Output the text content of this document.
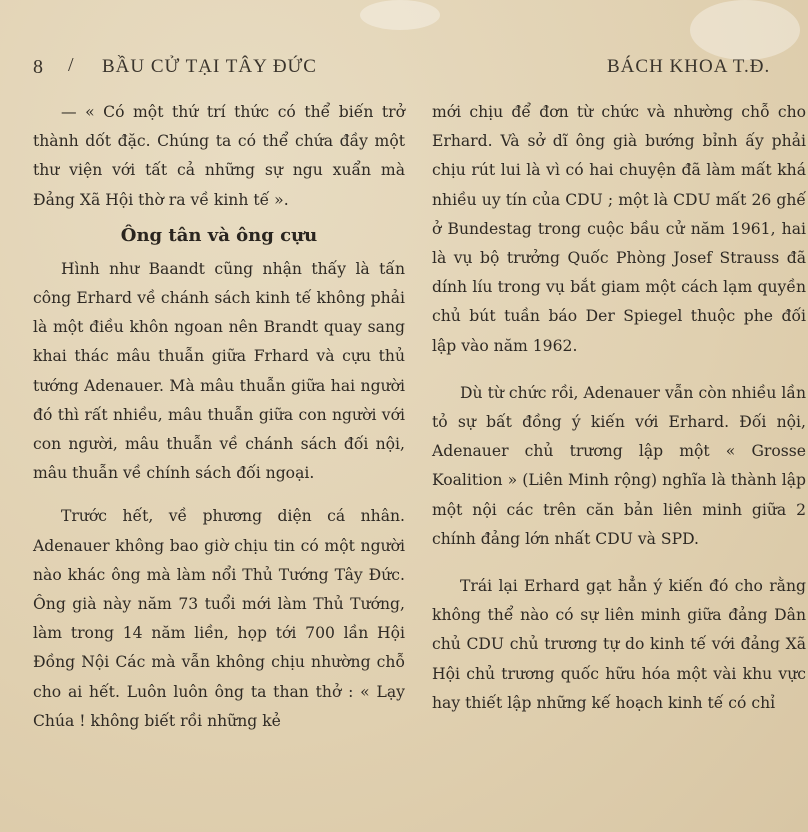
8 / BẦU CỬ TẠI TÂY ĐỨC	BÁCH KHOA T.Đ.

— « Có một thứ trí thức có thể biến trở thành dốt đặc. Chúng ta có thể chứa đầy một thư viện với tất cả những sự ngu xuẩn mà Đảng Xã Hội thờ ra về kinh tế ».

Ông tân và ông cựu

Hình như Baandt cũng nhận thấy là tấn công Erhard về chánh sách kinh tế không phải là một điều khôn ngoan nên Brandt quay sang khai thác mâu thuẫn giữa Frhard và cựu thủ tướng Adenauer. Mà mâu thuẫn giữa hai người đó thì rất nhiều, mâu thuẫn giữa con người với con người, mâu thuẫn về chánh sách đối nội, mâu thuẫn về chính sách đối ngoại.

Trước hết, về phương diện cá nhân. Adenauer không bao giờ chịu tin có một người nào khác ông mà làm nổi Thủ Tướng Tây Đức. Ông già này năm 73 tuổi mới làm Thủ Tướng, làm trong 14 năm liền, họp tới 700 lần Hội Đồng Nội Các mà vẫn không chịu nhường chỗ cho ai hết. Luôn luôn ông ta than thở : « Lạy Chúa ! không biết rồi những kẻ

mới chịu để đơn từ chức và nhường chỗ cho Erhard. Và sở dĩ ông già bướng bỉnh ấy phải chịu rút lui là vì có hai chuyện đã làm mất khá nhiều uy tín của CDU ; một là CDU mất 26 ghế ở Bundestag trong cuộc bầu cử năm 1961, hai là vụ bộ trưởng Quốc Phòng Josef Strauss đã dính líu trong vụ bắt giam một cách lạm quyền chủ bút tuần báo Der Spiegel thuộc phe đối lập vào năm 1962.

Dù từ chức rồi, Adenauer vẫn còn nhiều lần tỏ sự bất đồng ý kiến với Erhard. Đối nội, Adenauer chủ trương lập một « Grosse Koalition » (Liên Minh rộng) nghĩa là thành lập một nội các trên căn bản liên minh giữa 2 chính đảng lớn nhất CDU và SPD.

Trái lại Erhard gạt hẳn ý kiến đó cho rằng không thể nào có sự liên minh giữa đảng Dân chủ CDU chủ trương tự do kinh tế với đảng Xã Hội chủ trương quốc hữu hóa một vài khu vực hay thiết lập những kế hoạch kinh tế có chỉ
